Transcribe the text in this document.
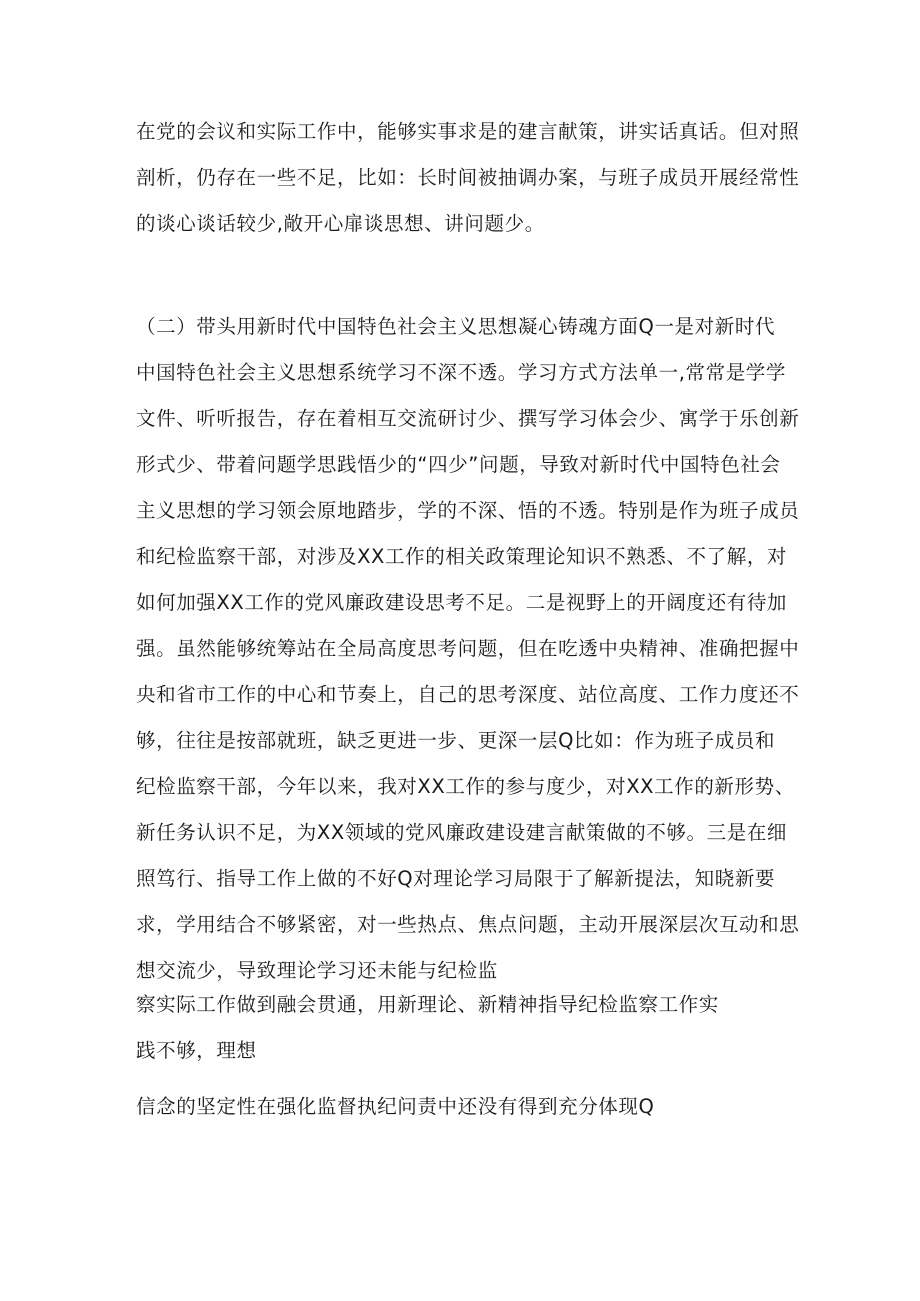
在党的会议和实际工作中，能够实事求是的建言献策，讲实话真话。但对照
剖析，仍存在一些不足，比如：长时间被抽调办案，与班子成员开展经常性
的谈心谈话较少,敞开心扉谈思想、讲问题少。
（二）带头用新时代中国特色社会主义思想凝心铸魂方面Q一是对新时代
中国特色社会主义思想系统学习不深不透。学习方式方法单一,常常是学学
文件、听听报告，存在着相互交流研讨少、撰写学习体会少、寓学于乐创新
形式少、带着问题学思践悟少的“四少”问题，导致对新时代中国特色社会
主义思想的学习领会原地踏步，学的不深、悟的不透。特别是作为班子成员
和纪检监察干部，对涉及XX工作的相关政策理论知识不熟悉、不了解，对
如何加强XX工作的党风廉政建设思考不足。二是视野上的开阔度还有待加
强。虽然能够统筹站在全局高度思考问题，但在吃透中央精神、准确把握中
央和省市工作的中心和节奏上，自己的思考深度、站位高度、工作力度还不
够，往往是按部就班，缺乏更进一步、更深一层Q比如：作为班子成员和
纪检监察干部，今年以来，我对XX工作的参与度少，对XX工作的新形势、
新任务认识不足，为XX领域的党风廉政建设建言献策做的不够。三是在细
照笃行、指导工作上做的不好Q对理论学习局限于了解新提法，知晓新要
求，学用结合不够紧密，对一些热点、焦点问题，主动开展深层次互动和思
想交流少，导致理论学习还未能与纪检监
察实际工作做到融会贯通，用新理论、新精神指导纪检监察工作实
践不够，理想
信念的坚定性在强化监督执纪问责中还没有得到充分体现Q
